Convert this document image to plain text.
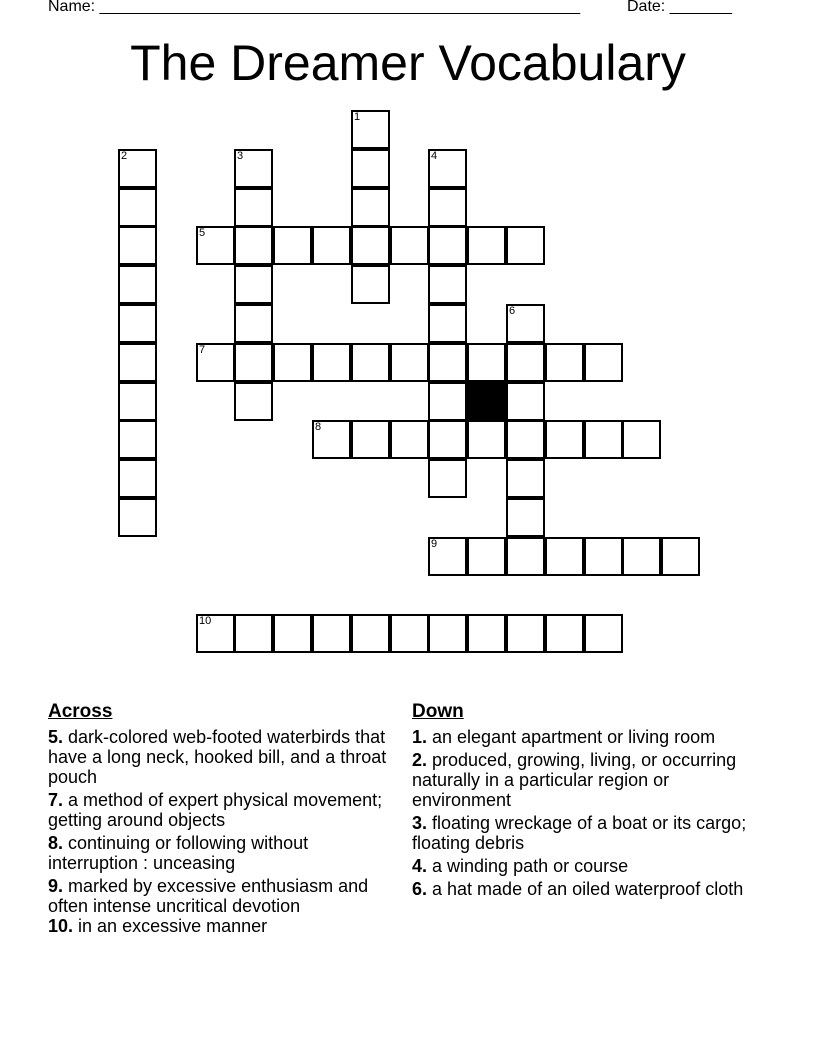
Name: ______________________________________________________	Date: _______
The Dreamer Vocabulary
1
2	3	4
5
6
7
8
9
10
Across
5. dark-colored web-footed waterbirds that have a long neck, hooked bill, and a throat pouch
7. a method of expert physical movement; getting around objects
8. continuing or following without interruption : unceasing
9. marked by excessive enthusiasm and often intense uncritical devotion
10. in an excessive manner
Down
1. an elegant apartment or living room
2. produced, growing, living, or occurring naturally in a particular region or environment
3. floating wreckage of a boat or its cargo; floating debris
4. a winding path or course
6. a hat made of an oiled waterproof cloth
